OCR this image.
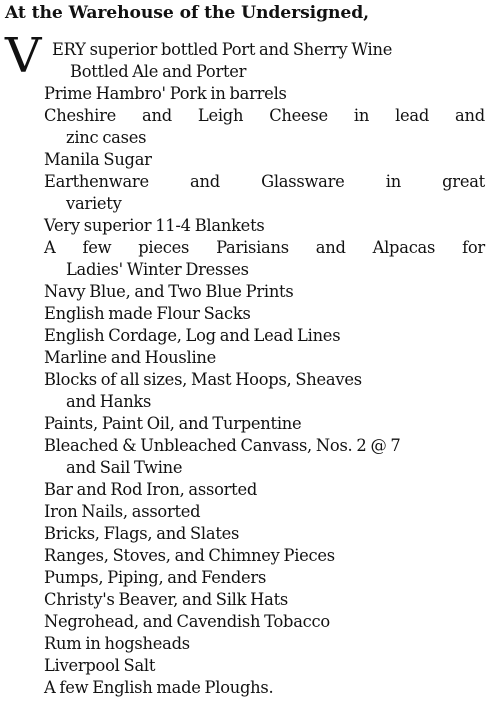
At the Warehouse of the Undersigned,
V ERY superior bottled Port and Sherry Wine
Bottled Ale and Porter
Prime Hambro' Pork in barrels
Cheshire and Leigh Cheese in lead and
zinc cases
Manila Sugar
Earthenware	and	Glassware	in	great
variety
Very superior 11-4 Blankets
A few pieces Parisians and Alpacas for
Ladies' Winter Dresses
Navy Blue, and Two Blue Prints
English made Flour Sacks
English Cordage, Log and Lead Lines
Marline and Housline
Blocks of all sizes, Mast Hoops, Sheaves
and Hanks
Paints, Paint Oil, and Turpentine
Bleached & Unbleached Canvass, Nos. 2 @ 7
and Sail Twine
Bar and Rod Iron, assorted
Iron Nails, assorted
Bricks, Flags, and Slates
Ranges, Stoves, and Chimney Pieces
Pumps, Piping, and Fenders
Christy's Beaver, and Silk Hats
Negrohead, and Cavendish Tobacco
Rum in hogsheads
Liverpool Salt
A few English made Ploughs.
